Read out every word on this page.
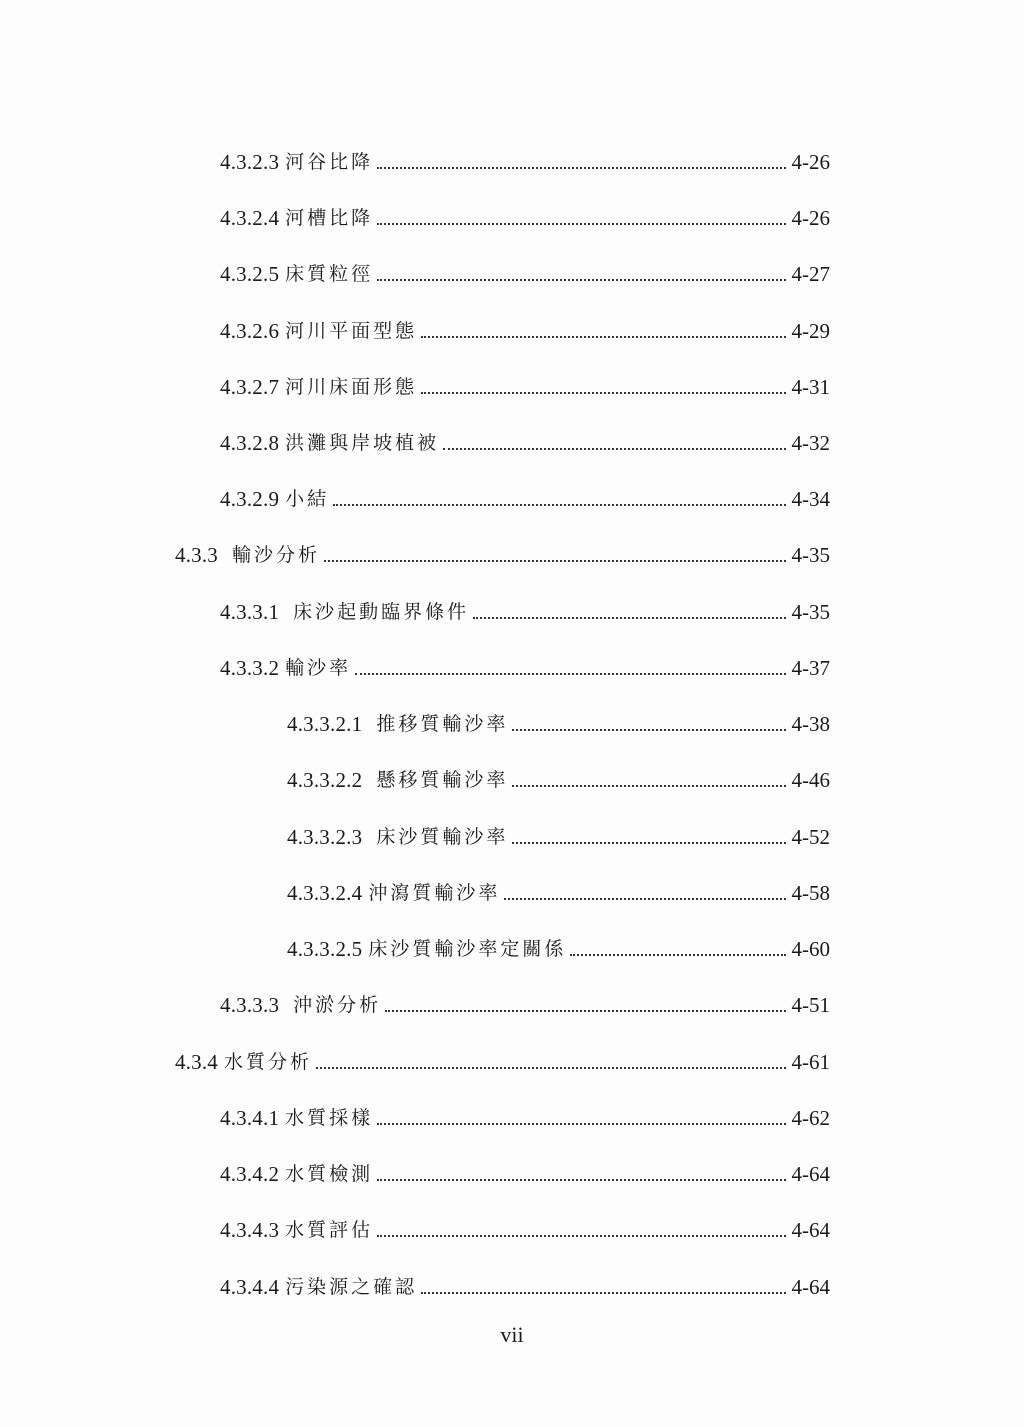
4.3.2.3 河谷比降	4-26
4.3.2.4 河槽比降	4-26
4.3.2.5 床質粒徑	4-27
4.3.2.6 河川平面型態	4-29
4.3.2.7 河川床面形態	4-31
4.3.2.8 洪灘與岸坡植被	4-32
4.3.2.9 小結	4-34
4.3.3 輸沙分析	4-35
4.3.3.1 床沙起動臨界條件	4-35
4.3.3.2 輸沙率	4-37
4.3.3.2.1 推移質輸沙率	4-38
4.3.3.2.2 懸移質輸沙率	4-46
4.3.3.2.3 床沙質輸沙率	4-52
4.3.3.2.4 沖瀉質輸沙率	4-58
4.3.3.2.5 床沙質輸沙率定關係	4-60
4.3.3.3 沖淤分析	4-51
4.3.4 水質分析	4-61
4.3.4.1 水質採樣	4-62
4.3.4.2 水質檢測	4-64
4.3.4.3 水質評估	4-64
4.3.4.4 污染源之確認	4-64
vii
